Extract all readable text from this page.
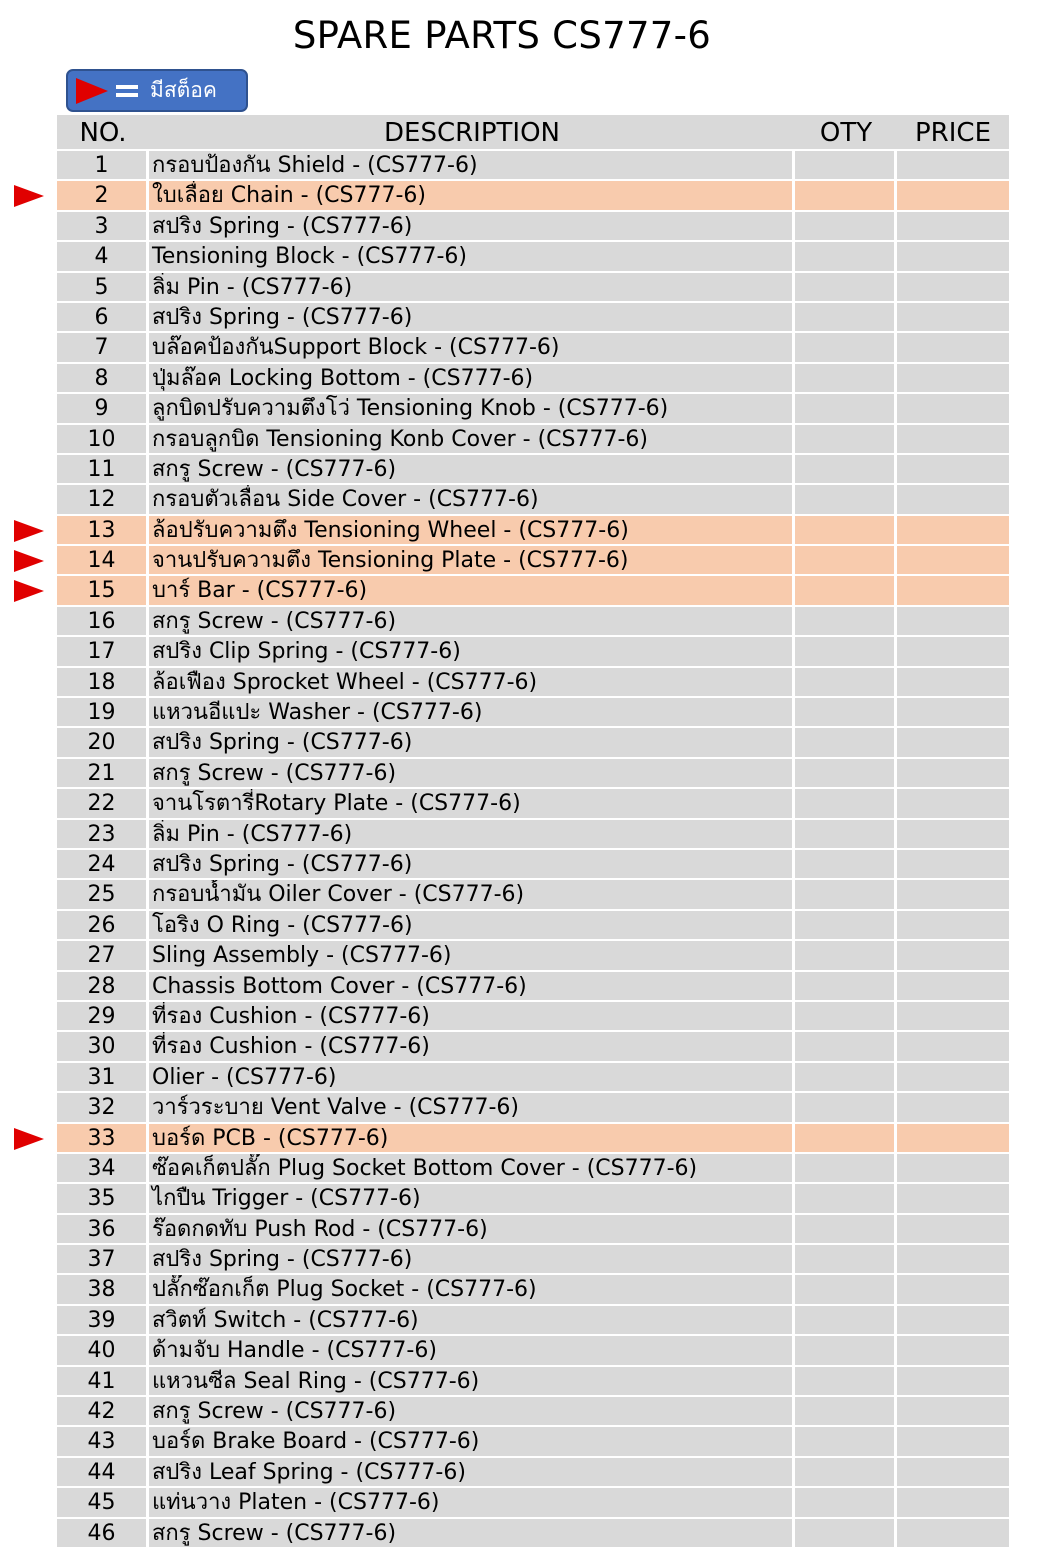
SPARE PARTS CS777-6
มีสต็อค
NO.	DESCRIPTION	OTY	PRICE
1	กรอบป้องกัน Shield - (CS777-6)
2	ใบเลื่อย Chain - (CS777-6)
3	สปริง Spring - (CS777-6)
4	Tensioning Block - (CS777-6)
5	ลิ่ม Pin - (CS777-6)
6	สปริง Spring - (CS777-6)
7	บล๊อคป้องกันSupport Block - (CS777-6)
8	ปุ่มล๊อค Locking Bottom - (CS777-6)
9	ลูกบิดปรับความตึงโว่ Tensioning Knob - (CS777-6)
10	กรอบลูกบิด Tensioning Konb Cover - (CS777-6)
11	สกรู Screw - (CS777-6)
12	กรอบตัวเลื่อน Side Cover - (CS777-6)
13	ล้อปรับความตึง Tensioning Wheel - (CS777-6)
14	จานปรับความตึง Tensioning Plate - (CS777-6)
15	บาร์ Bar - (CS777-6)
16	สกรู Screw - (CS777-6)
17	สปริง Clip Spring - (CS777-6)
18	ล้อเฟือง Sprocket Wheel - (CS777-6)
19	แหวนอีแปะ Washer - (CS777-6)
20	สปริง Spring - (CS777-6)
21	สกรู Screw - (CS777-6)
22	จานโรตารี่Rotary Plate - (CS777-6)
23	ลิ่ม Pin - (CS777-6)
24	สปริง Spring - (CS777-6)
25	กรอบน้ำมัน Oiler Cover - (CS777-6)
26	โอริง O Ring - (CS777-6)
27	Sling Assembly - (CS777-6)
28	Chassis Bottom Cover - (CS777-6)
29	ที่รอง Cushion - (CS777-6)
30	ที่รอง Cushion - (CS777-6)
31	Olier - (CS777-6)
32	วาร์วระบาย Vent Valve - (CS777-6)
33	บอร์ด PCB - (CS777-6)
34	ซ๊อคเก็ตปลั๊ก Plug Socket Bottom Cover - (CS777-6)
35	ไกปืน Trigger - (CS777-6)
36	ร๊อดกดทับ Push Rod - (CS777-6)
37	สปริง Spring - (CS777-6)
38	ปลั๊กซ๊อกเก็ต Plug Socket - (CS777-6)
39	สวิตท์ Switch - (CS777-6)
40	ด้ามจับ Handle - (CS777-6)
41	แหวนซีล Seal Ring - (CS777-6)
42	สกรู Screw - (CS777-6)
43	บอร์ด Brake Board - (CS777-6)
44	สปริง Leaf Spring - (CS777-6)
45	แท่นวาง Platen - (CS777-6)
46	สกรู Screw - (CS777-6)
